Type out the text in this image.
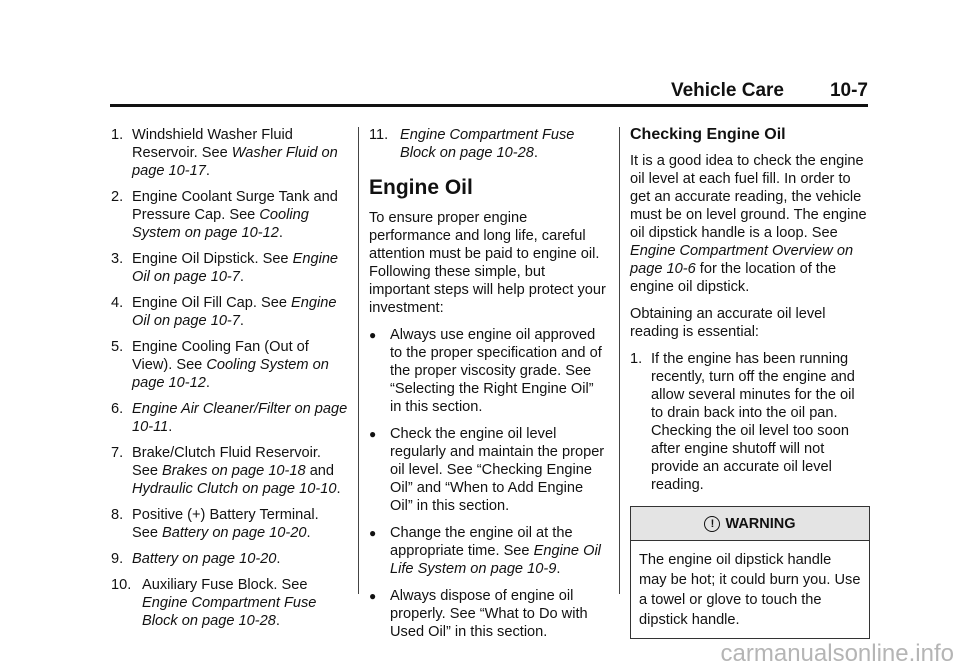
Vehicle Care 10-7
1. Windshield Washer Fluid Reservoir. See Washer Fluid on page 10-17.
2. Engine Coolant Surge Tank and Pressure Cap. See Cooling System on page 10-12.
3. Engine Oil Dipstick. See Engine Oil on page 10-7.
4. Engine Oil Fill Cap. See Engine Oil on page 10-7.
5. Engine Cooling Fan (Out of View). See Cooling System on page 10-12.
6. Engine Air Cleaner/Filter on page 10-11.
7. Brake/Clutch Fluid Reservoir. See Brakes on page 10-18 and Hydraulic Clutch on page 10-10.
8. Positive (+) Battery Terminal. See Battery on page 10-20.
9. Battery on page 10-20.
10. Auxiliary Fuse Block. See Engine Compartment Fuse Block on page 10-28.
11. Engine Compartment Fuse Block on page 10-28.
Engine Oil

To ensure proper engine performance and long life, careful attention must be paid to engine oil. Following these simple, but important steps will help protect your investment:

● Always use engine oil approved to the proper specification and of the proper viscosity grade. See “Selecting the Right Engine Oil” in this section.
● Check the engine oil level regularly and maintain the proper oil level. See “Checking Engine Oil” and “When to Add Engine Oil” in this section.
● Change the engine oil at the appropriate time. See Engine Oil Life System on page 10-9.
● Always dispose of engine oil properly. See “What to Do with Used Oil” in this section.
Checking Engine Oil

It is a good idea to check the engine oil level at each fuel fill. In order to get an accurate reading, the vehicle must be on level ground. The engine oil dipstick handle is a loop. See Engine Compartment Overview on page 10-6 for the location of the engine oil dipstick.

Obtaining an accurate oil level reading is essential:

1. If the engine has been running recently, turn off the engine and allow several minutes for the oil to drain back into the oil pan. Checking the oil level too soon after engine shutoff will not provide an accurate oil level reading.
! WARNING
The engine oil dipstick handle may be hot; it could burn you. Use a towel or glove to touch the dipstick handle.
carmanualsonline.info
